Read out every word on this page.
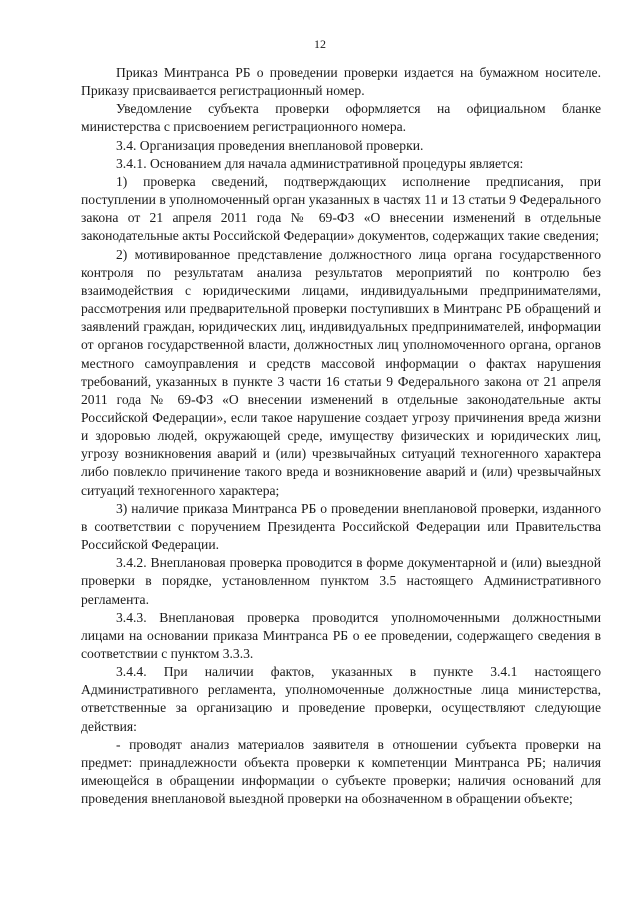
12

Приказ Минтранса РБ о проведении проверки издается на бумажном носителе. Приказу присваивается регистрационный номер.

Уведомление субъекта проверки оформляется на официальном бланке министерства с присвоением регистрационного номера.

3.4. Организация проведения внеплановой проверки.

3.4.1. Основанием для начала административной процедуры является:

1) проверка сведений, подтверждающих исполнение предписания, при поступлении в уполномоченный орган указанных в частях 11 и 13 статьи 9 Федерального закона от 21 апреля 2011 года № 69-ФЗ «О внесении изменений в отдельные законодательные акты Российской Федерации» документов, содержащих такие сведения;

2) мотивированное представление должностного лица органа государственного контроля по результатам анализа результатов мероприятий по контролю без взаимодействия с юридическими лицами, индивидуальными предпринимателями, рассмотрения или предварительной проверки поступивших в Минтранс РБ обращений и заявлений граждан, юридических лиц, индивидуальных предпринимателей, информации от органов государственной власти, должностных лиц уполномоченного органа, органов местного самоуправления и средств массовой информации о фактах нарушения требований, указанных в пункте 3 части 16 статьи 9 Федерального закона от 21 апреля 2011 года № 69-ФЗ «О внесении изменений в отдельные законодательные акты Российской Федерации», если такое нарушение создает угрозу причинения вреда жизни и здоровью людей, окружающей среде, имуществу физических и юридических лиц, угрозу возникновения аварий и (или) чрезвычайных ситуаций техногенного характера либо повлекло причинение такого вреда и возникновение аварий и (или) чрезвычайных ситуаций техногенного характера;

3) наличие приказа Минтранса РБ о проведении внеплановой проверки, изданного в соответствии с поручением Президента Российской Федерации или Правительства Российской Федерации.

3.4.2. Внеплановая проверка проводится в форме документарной и (или) выездной проверки в порядке, установленном пунктом 3.5 настоящего Административного регламента.

3.4.3. Внеплановая проверка проводится уполномоченными должностными лицами на основании приказа Минтранса РБ о ее проведении, содержащего сведения в соответствии с пунктом 3.3.3.

3.4.4. При наличии фактов, указанных в пункте 3.4.1 настоящего Административного регламента, уполномоченные должностные лица министерства, ответственные за организацию и проведение проверки, осуществляют следующие действия:

- проводят анализ материалов заявителя в отношении субъекта проверки на предмет: принадлежности объекта проверки к компетенции Минтранса РБ; наличия имеющейся в обращении информации о субъекте проверки; наличия оснований для проведения внеплановой выездной проверки на обозначенном в обращении объекте;
